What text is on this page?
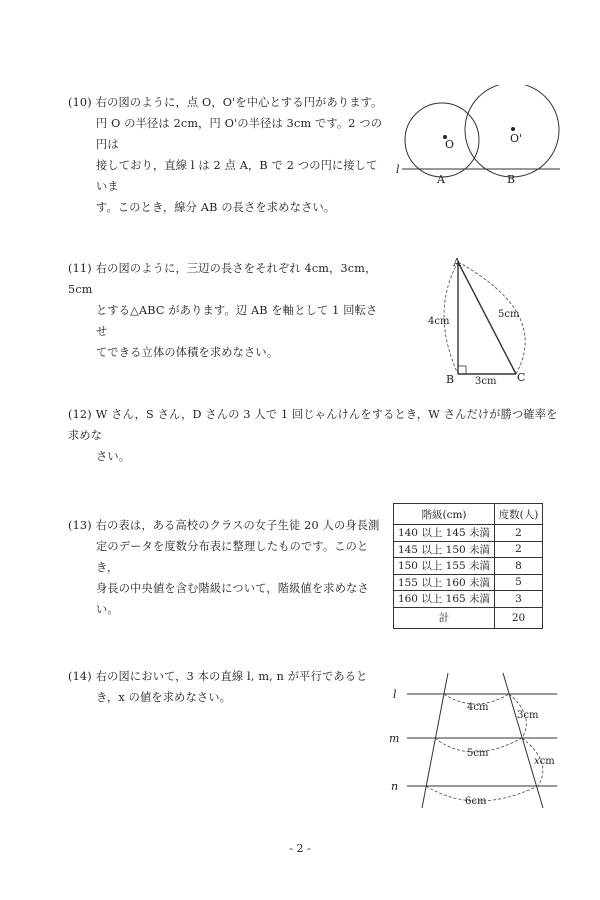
(10) 右の図のように，点 O，O'を中心とする円があります。
円 O の半径は 2cm，円 O'の半径は 3cm です。2 つの円は
接しており，直線 l は 2 点 A，B で 2 つの円に接していま
す。このとき，線分 AB の長さを求めなさい。
O	O'
A	B
l
(11) 右の図のように，三辺の長さをそれぞれ 4cm，3cm，5cm
とする△ABC があります。辺 AB を軸として 1 回転させ
てできる立体の体積を求めなさい。
A
B	C
4cm
5cm
3cm
(12) W さん，S さん，D さんの 3 人で 1 回じゃんけんをするとき，W さんだけが勝つ確率を求めな
さい。
(13) 右の表は，ある高校のクラスの女子生徒 20 人の身長測
定のデータを度数分布表に整理したものです。このとき，
身長の中央値を含む階級について，階級値を求めなさい。
階級(cm)	度数(人)
140 以上 145 未満	2
145 以上 150 未満	2
150 以上 155 未満	8
155 以上 160 未満	5
160 以上 165 未満	3
計	20
(14) 右の図において，3 本の直線 l, m, n が平行であると
き，x の値を求めなさい。	l
m
n
4cm
3cm
5cm
6cm
xcm
- 2 -
